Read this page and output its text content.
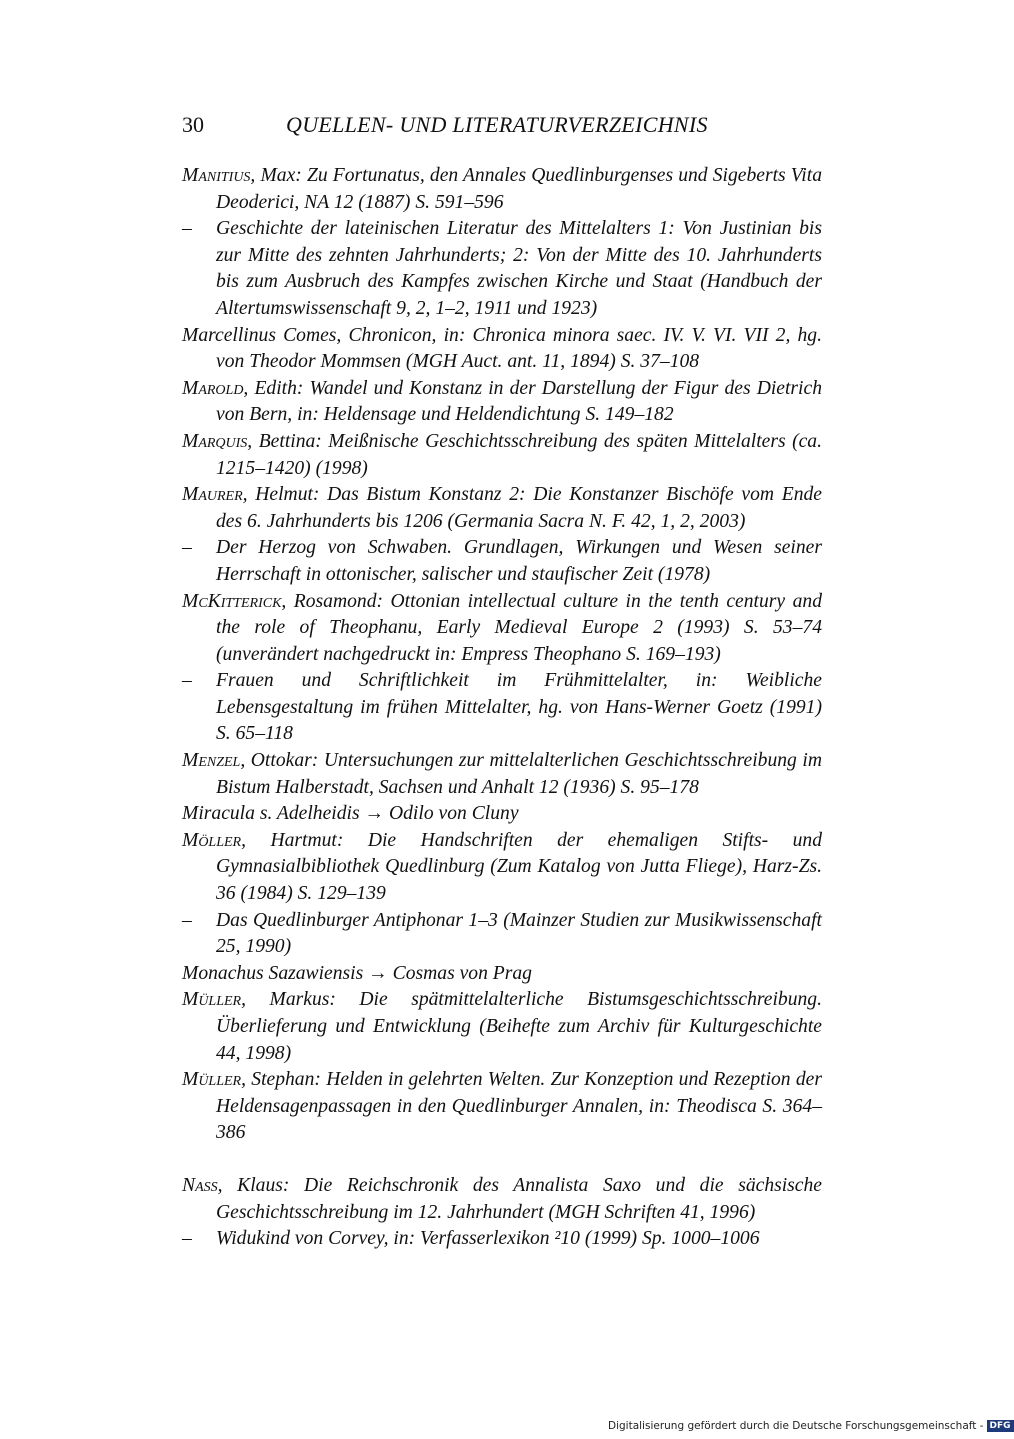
30	QUELLEN- UND LITERATURVERZEICHNIS
Manitius, Max: Zu Fortunatus, den Annales Quedlinburgenses und Sigeberts Vita Deoderici, NA 12 (1887) S. 591–596
– Geschichte der lateinischen Literatur des Mittelalters 1: Von Justinian bis zur Mitte des zehnten Jahrhunderts; 2: Von der Mitte des 10. Jahrhunderts bis zum Ausbruch des Kampfes zwischen Kirche und Staat (Handbuch der Altertumswissenschaft 9, 2, 1–2, 1911 und 1923)
Marcellinus Comes, Chronicon, in: Chronica minora saec. IV. V. VI. VII 2, hg. von Theodor Mommsen (MGH Auct. ant. 11, 1894) S. 37–108
Marold, Edith: Wandel und Konstanz in der Darstellung der Figur des Dietrich von Bern, in: Heldensage und Heldendichtung S. 149–182
Marquis, Bettina: Meißnische Geschichtsschreibung des späten Mittelalters (ca. 1215–1420) (1998)
Maurer, Helmut: Das Bistum Konstanz 2: Die Konstanzer Bischöfe vom Ende des 6. Jahrhunderts bis 1206 (Germania Sacra N. F. 42, 1, 2, 2003)
– Der Herzog von Schwaben. Grundlagen, Wirkungen und Wesen seiner Herrschaft in ottonischer, salischer und staufischer Zeit (1978)
McKitterick, Rosamond: Ottonian intellectual culture in the tenth century and the role of Theophanu, Early Medieval Europe 2 (1993) S. 53–74 (unverändert nachgedruckt in: Empress Theophano S. 169–193)
– Frauen und Schriftlichkeit im Frühmittelalter, in: Weibliche Lebensgestaltung im frühen Mittelalter, hg. von Hans-Werner Goetz (1991) S. 65–118
Menzel, Ottokar: Untersuchungen zur mittelalterlichen Geschichtsschreibung im Bistum Halberstadt, Sachsen und Anhalt 12 (1936) S. 95–178
Miracula s. Adelheidis → Odilo von Cluny
Möller, Hartmut: Die Handschriften der ehemaligen Stifts- und Gymnasialbibliothek Quedlinburg (Zum Katalog von Jutta Fliege), Harz-Zs. 36 (1984) S. 129–139
– Das Quedlinburger Antiphonar 1–3 (Mainzer Studien zur Musikwissenschaft 25, 1990)
Monachus Sazawiensis → Cosmas von Prag
Müller, Markus: Die spätmittelalterliche Bistumsgeschichtsschreibung. Überlieferung und Entwicklung (Beihefte zum Archiv für Kulturgeschichte 44, 1998)
Müller, Stephan: Helden in gelehrten Welten. Zur Konzeption und Rezeption der Heldensagenpassagen in den Quedlinburger Annalen, in: Theodisca S. 364–386
Nass, Klaus: Die Reichschronik des Annalista Saxo und die sächsische Geschichtsschreibung im 12. Jahrhundert (MGH Schriften 41, 1996)
– Widukind von Corvey, in: Verfasserlexikon ²10 (1999) Sp. 1000–1006
Digitalisierung gefördert durch die Deutsche Forschungsgemeinschaft - DFG
